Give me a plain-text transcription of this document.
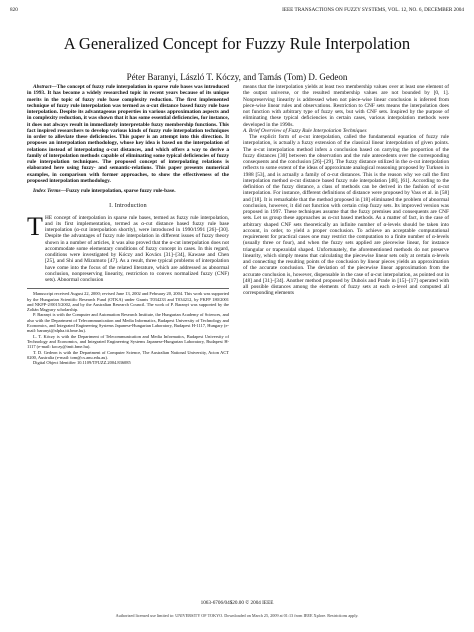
820	IEEE TRANSACTIONS ON FUZZY SYSTEMS, VOL. 12, NO. 6, DECEMBER 2004
A Generalized Concept for Fuzzy Rule Interpolation
Péter Baranyi, László T. Kóczy, and Tamás (Tom) D. Gedeon

Abstract—The concept of fuzzy rule interpolation in sparse rule bases was introduced in 1993. It has become a widely researched topic in recent years because of its unique merits in the topic of fuzzy rule base complexity reduction. The first implemented technique of fuzzy rule interpolation was termed as α-cut distance based fuzzy rule base interpolation. Despite its advantageous properties in various approximation aspects and in complexity reduction, it was shown that it has some essential deficiencies, for instance, it does not always result in immediately interpretable fuzzy membership functions. This fact inspired researchers to develop various kinds of fuzzy rule interpolation techniques in order to alleviate these deficiencies. This paper is an attempt into this direction. It proposes an interpolation methodology, whose key idea is based on the interpolation of relations instead of interpolating α-cut distances, and which offers a way to derive a family of interpolation methods capable of eliminating some typical deficiencies of fuzzy rule interpolation techniques. The proposed concept of interpolating relations is elaborated here using fuzzy- and semantic-relations. This paper presents numerical examples, in comparison with former approaches, to show the effectiveness of the proposed interpolation methodology.

Index Terms—Fuzzy rule interpolation, sparse fuzzy rule-base.

I. Introduction

T HE concept of interpolation in sparse rule bases, termed as fuzzy rule interpolation, and its first implementation, termed as α-cut distance based fuzzy rule base interpolation (α-cut interpolation shortly), were introduced in 1990/1991 [26]–[30]. Despite the advantages of fuzzy rule interpolation in different issues of fuzzy theory shown in a number of articles, it was also proved that the α-cut interpolation does not accommodate some elementary conditions of fuzzy concept in cases. In this regard, conditions were investigated by Kóczy and Kovács [31]–[34], Kawase and Chen [25], and Shi and Mizumoto [47]. As a result, three typical problems of interpolation have come into the focus of the related literature, which are addressed as abnormal conclusion, nonpreserving linearity, restriction to convex normalized fuzzy (CNF) sets). Abnormal conclusion

Manuscript received August 22, 2000; revised June 13, 2002 and February 20, 2004. This work was supported by the Hungarian Scientific Research Fund (OTKA) under Grants T034233 and T034212, by FKFP 180/2001 and NKFP-2/0015/2002, and by the Australian Research Council. The work of P. Baranyi was supported by the Zoltán Magyary scholarship.

P. Baranyi is with the Computer and Automation Research Institute, the Hungarian Academy of Sciences, and also with the Department of Telecommunication and Media Informatics, Budapest University of Technology and Economics, and Integrated Engineering Systems Japanese-Hungarian Laboratory, Budapest H-1117, Hungary (e-mail: baranyi@alpha.ttt.bme.hu).

L. T. Kóczy is with the Department of Telecommunication and Media Informatics, Budapest University of Technology and Economics, and Integrated Engineering Systems Japanese-Hungarian Laboratory, Budapest H-1117 (e-mail: koczy@tmit.bme.hu).

T. D. Gedeon is with the Department of Computer Science, The Australian National University, Acton ACT 0200, Australia (e-mail: tom@cs.anu.edu.au).

Digital Object Identifier 10.1109/TFUZZ.2004.836085

means that the interpolation yields at least two membership values over at least one element of the output universe, or the resulted membership values are not bounded by [0, 1]. Nonpreserving linearity is addressed when not piece-wise linear conclusion is inferred from piece-wise linear rules and observations. Restriction to CNF sets means the interpolation does not function with arbitrary type of fuzzy sets, but with CNF sets. Inspired by the purpose of eliminating these typical deficiencies in certain cases, various interpolation methods were developed in the 1990s.

A. Brief Overview of Fuzzy Rule Interpolation Techniques

The explicit form of α-cut interpolation, called the fundamental equation of fuzzy rule interpolation, is actually a fuzzy extension of the classical linear interpolation of given points. The α-cut interpolation method infers a conclusion based on carrying the proportion of the fuzzy distances [30] between the observation and the rule antecedents over the corresponding consequents and the conclusion [26]–[29]. The fuzzy distance utilized in the α-cut interpolation reflects to some extent of the ideas of approximate analogical reasoning proposed by Turksen in 1988 [53], and is actually a family of α-cut distances. This is the reason why we call the first interpolation method α-cut distance based fuzzy rule interpolation [48], [61]. According to the definition of the fuzzy distance, a class of methods can be derived in the fashion of α-cut interpolation. For instance, different definitions of distance were proposed by Vass et al. in [58] and [18]. It is remarkable that the method proposed in [18] eliminated the problem of abnormal conclusion, however, it did not function with certain crisp fuzzy sets. Its improved version was proposed in 1997. These techniques assume that the fuzzy premises and consequents are CNF sets. Let us group these approaches as α-cut based methods. As a matter of fact, in the case of arbitrary shaped CNF sets theoretically an infinite number of α-levels should be taken into account, in order, to yield a proper conclusion. To achieve an acceptable computational requirement for practical cases one may restrict the computation to a finite number of α-levels (usually three or four), and when the fuzzy sets applied are piecewise linear, for instance triangular or trapezoidal shaped. Unfortunately, the aforementioned methods do not preserve linearity, which simply means that calculating the piecewise linear sets only at certain α-levels and connecting the resulting points of the conclusion by linear pieces yields an approximation of the accurate conclusion. The deviation of the piecewise linear approximation from the accurate conclusion is, however, dispensable in the case of α-cut interpolation, as pointed out in [48] and [31]–[34]. Another method proposed by Dubois and Prade in [15]–[17] operated with all possible distances among the elements of fuzzy sets at each α-level and computed all corresponding elements

1063-6706/04$20.00 © 2004 IEEE
Authorized licensed use limited to: UNIVERSITY OF TOKYO. Downloaded on March 25, 2009 at 01:13 from IEEE Xplore. Restrictions apply.
